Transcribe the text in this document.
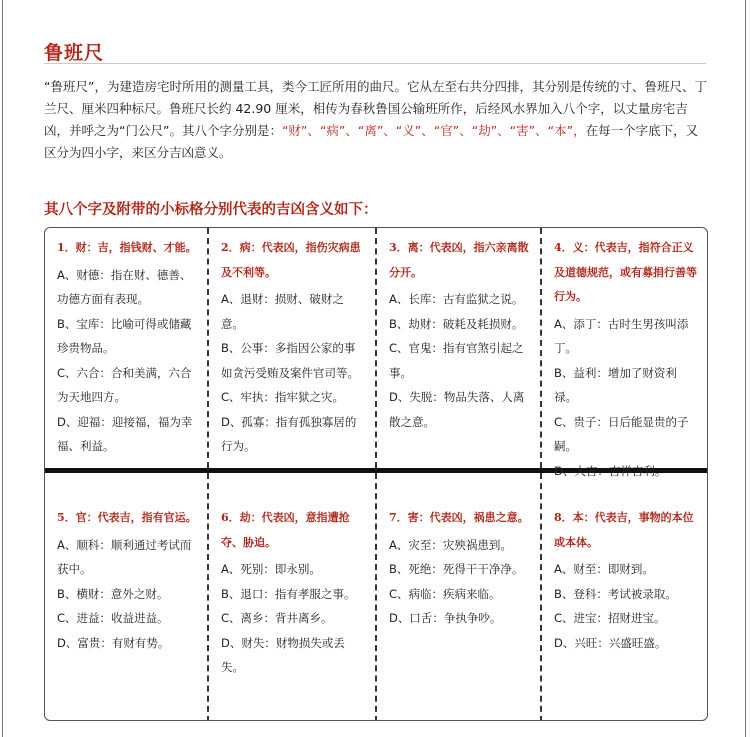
鲁班尺
“鲁班尺”，为建造房宅时所用的测量工具，类今工匠所用的曲尺。它从左至右共分四排，其分别是传统的寸、鲁班尺、丁兰尺、厘米四种标尺。鲁班尺长约 42.90 厘米，相传为春秋鲁国公输班所作，后经风水界加入八个字，以丈量房宅吉凶，并呼之为“门公尺”。其八个字分别是：“财”、“病”、“离”、“义”、“官”、“劫”、“害”、“本”，在每一个字底下，又区分为四小字，来区分吉凶意义。
其八个字及附带的小标格分别代表的吉凶含义如下：
1．财：吉，指钱财、才能。
A、财德：指在财、德善、功德方面有表现。
B、宝库：比喻可得或储藏珍贵物品。
C、六合：合和美满，六合为天地四方。
D、迎福：迎接福，福为幸福、利益。
2．病：代表凶，指伤灾病患及不利等。
A、退财：损财、破财之意。
B、公事：多指因公家的事如贪污受贿及案件官司等。
C、牢执：指牢狱之灾。
D、孤寡：指有孤独寡居的行为。
3．离：代表凶，指六亲离散分开。
A、长库：古有监狱之说。
B、劫财：破耗及耗损财。
C、官鬼：指有官煞引起之事。
D、失脱：物品失落、人离散之意。
4．义：代表吉，指符合正义及道德规范，或有募捐行善等行为。
A、添丁：古时生男孩叫添丁。
B、益利：增加了财资利禄。
C、贵子：日后能显贵的子嗣。
D、大吉：吉祥吉利。
5．官：代表吉，指有官运。
A、顺科：顺利通过考试而获中。
B、横财：意外之财。
C、进益：收益进益。
D、富贵：有财有势。
6．劫：代表凶，意指遭抢夺、胁迫。
A、死别：即永别。
B、退口：指有孝服之事。
C、离乡：背井离乡。
D、财失：财物损失或丢失。
7．害：代表凶，祸患之意。
A、灾至：灾殃祸患到。
B、死绝：死得干干净净。
C、病临：疾病来临。
D、口舌：争执争吵。
8．本：代表吉，事物的本位或本体。
A、财至：即财到。
B、登科：考试被录取。
C、进宝：招财进宝。
D、兴旺：兴盛旺盛。
